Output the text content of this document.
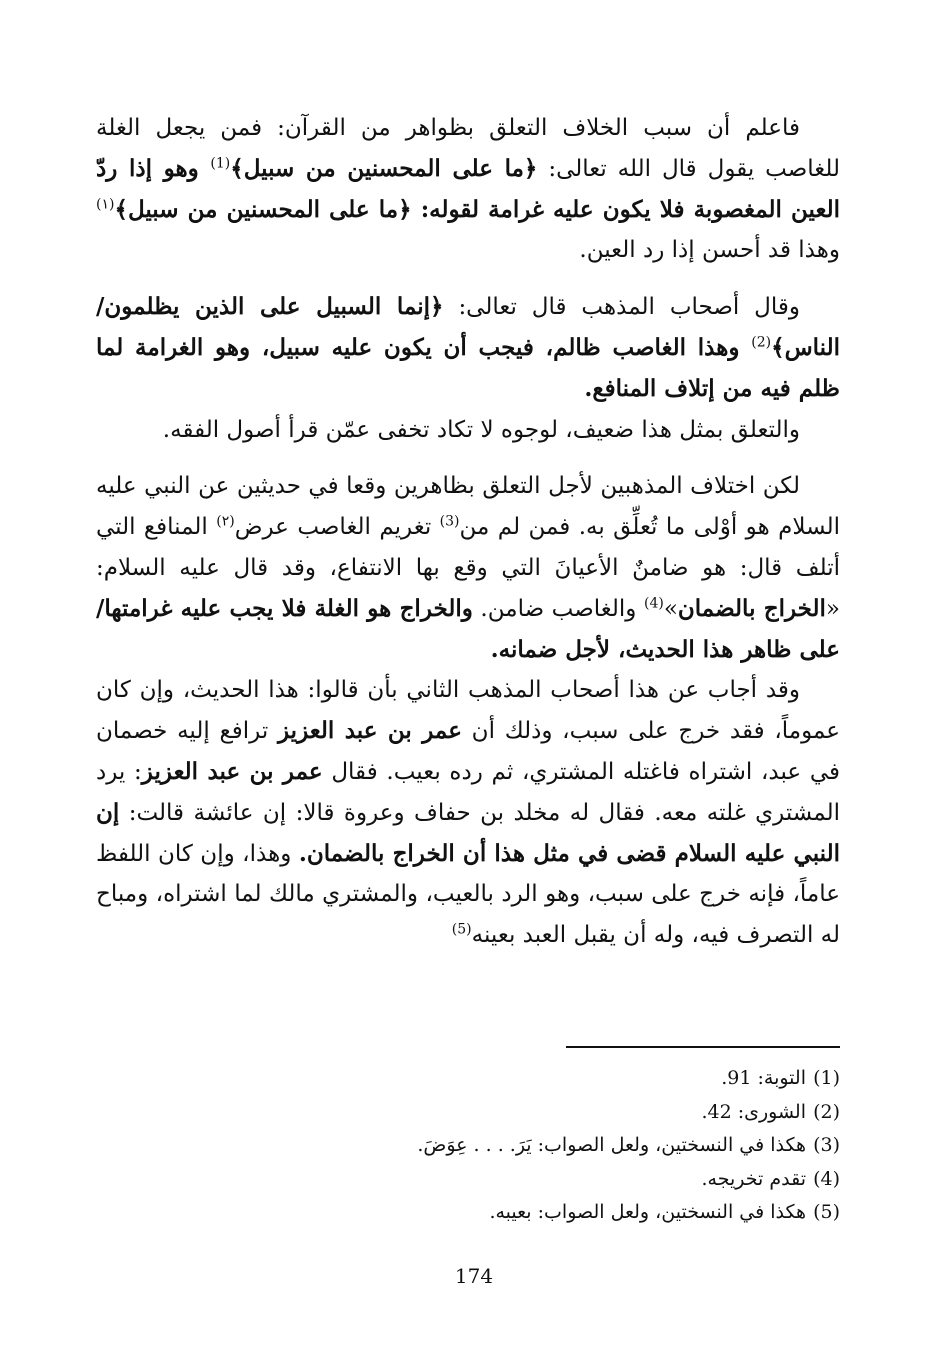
فاعلم أن سبب الخلاف التعلق بظواهر من القرآن: فمن يجعل الغلة للغاصب يقول قال الله تعالى: ﴿ما على المحسنين من سبيل﴾$^{(1)}$ وهو إذا ردّ العين المغصوبة فلا يكون عليه غرامة لقوله: ﴿ما على المحسنين من سبيل﴾$^{(١)}$ وهذا قد أحسن إذا رد العين.

وقال أصحاب المذهب قال تعالى: ﴿إنما السبيل على الذين يظلمون/ الناس﴾$^{(2)}$ وهذا الغاصب ظالم، فيجب أن يكون عليه سبيل، وهو الغرامة لما ظلم فيه من إتلاف المنافع.

والتعلق بمثل هذا ضعيف، لوجوه لا تكاد تخفى عمّن قرأ أصول الفقه.

لكن اختلاف المذهبين لأجل التعلق بظاهرين وقعا في حديثين عن النبي عليه السلام هو أوْلى ما تُعلِّق به. فمن لم من$^{(3)}$ تغريم الغاصب عرض$^{(٢)}$ المنافع التي أتلف قال: هو ضامنٌ الأعيانَ التي وقع بها الانتفاع، وقد قال عليه السلام: «الخراج بالضمان»$^{(4)}$ والغاصب ضامن. والخراج هو الغلة فلا يجب عليه غرامتها/ على ظاهر هذا الحديث، لأجل ضمانه.

وقد أجاب عن هذا أصحاب المذهب الثاني بأن قالوا: هذا الحديث، وإن كان عموماً، فقد خرج على سبب، وذلك أن عمر بن عبد العزيز ترافع إليه خصمان في عبد، اشتراه فاغتله المشتري، ثم رده بعيب. فقال عمر بن عبد العزيز: يرد المشتري غلته معه. فقال له مخلد بن حفاف وعروة قالا: إن عائشة قالت: إن النبي عليه السلام قضى في مثل هذا أن الخراج بالضمان. وهذا، وإن كان اللفظ عاماً، فإنه خرج على سبب، وهو الرد بالعيب، والمشتري مالك لما اشتراه، ومباح له التصرف فيه، وله أن يقبل العبد بعينه$^{(5)}$

(1)التوبة: 91.

(2)الشورى: 42.

(3)هكذا في النسختين، ولعل الصواب: يَرَ. . . . عِوَضَ.

(4)تقدم تخريجه.

(5)هكذا في النسختين، ولعل الصواب: بعيبه.

174
